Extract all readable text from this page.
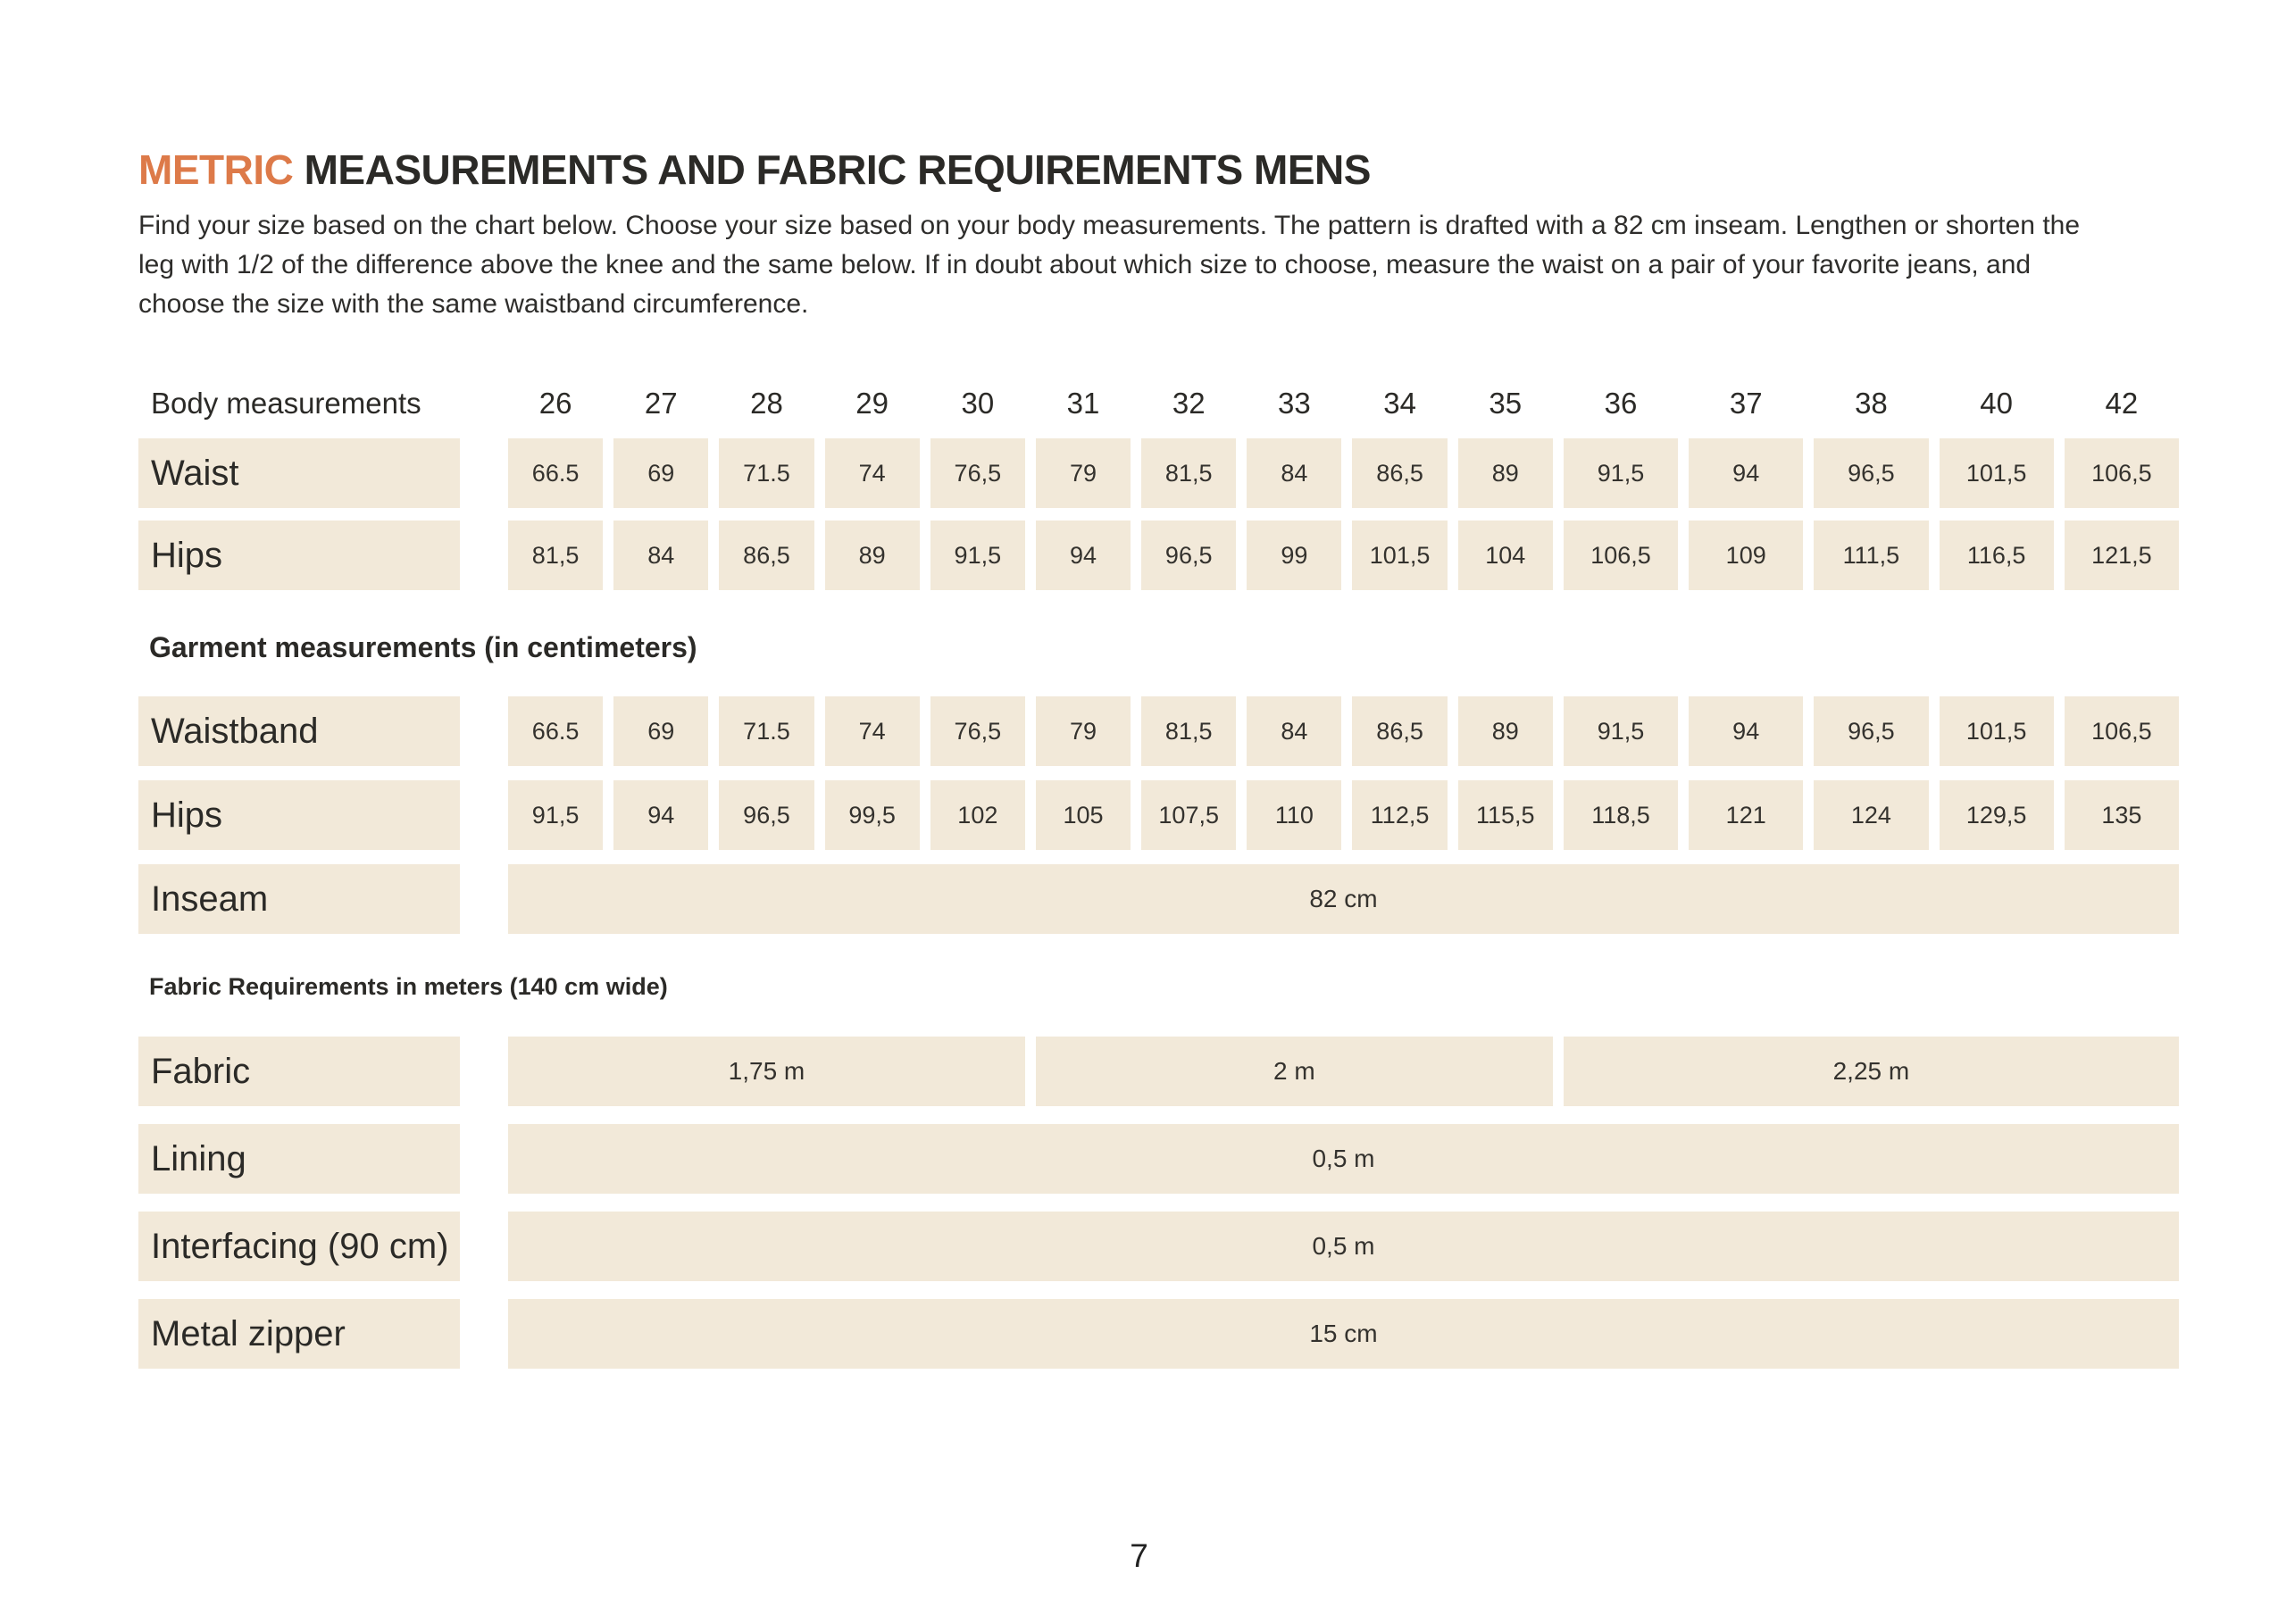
METRIC MEASUREMENTS AND FABRIC REQUIREMENTS MENS

Find your size based on the chart below. Choose your size based on your body measurements. The pattern is drafted with a 82 cm inseam. Lengthen or shorten the leg with 1/2 of the difference above the knee and the same below. If in doubt about which size to choose, measure the waist on a pair of your favorite jeans, and choose the size with the same waistband circumference.

Body measurements	26	27	28	29	30	31	32	33	34	35	36	37	38	40	42
Waist	66.5	69	71.5	74	76,5	79	81,5	84	86,5	89	91,5	94	96,5	101,5	106,5
Hips	81,5	84	86,5	89	91,5	94	96,5	99	101,5	104	106,5	109	111,5	116,5	121,5
Garment measurements (in centimeters)
Waistband	66.5	69	71.5	74	76,5	79	81,5	84	86,5	89	91,5	94	96,5	101,5	106,5
Hips	91,5	94	96,5	99,5	102	105	107,5	110	112,5	115,5	118,5	121	124	129,5	135
Inseam	82 cm
Fabric Requirements in meters (140 cm wide)
Fabric	1,75 m	2 m	2,25 m
Lining	0,5 m
Interfacing (90 cm)	0,5 m
Metal zipper	15 cm
7
